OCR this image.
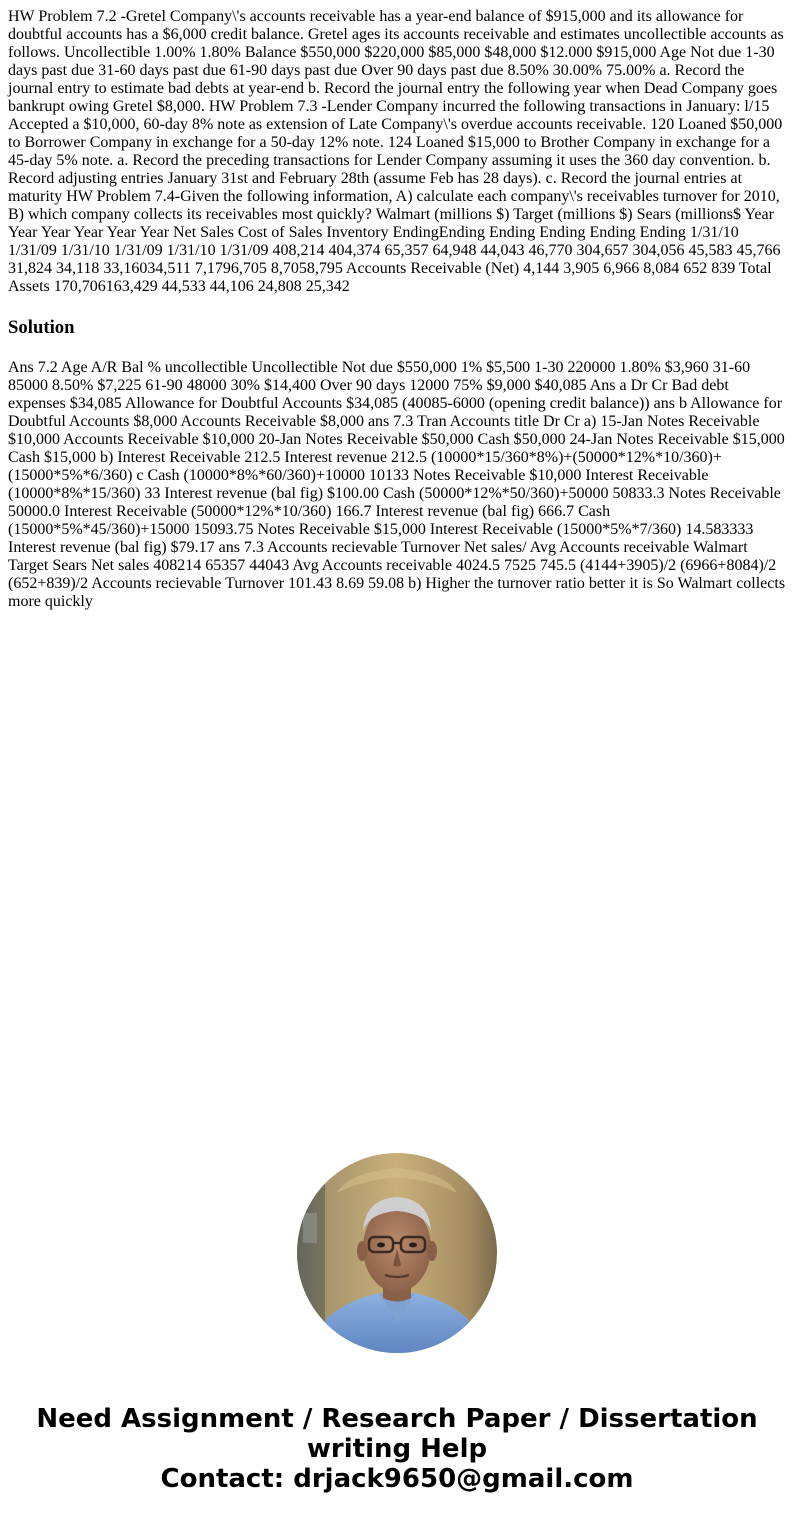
HW Problem 7.2 -Gretel Company\'s accounts receivable has a year-end balance of $915,000 and its allowance for doubtful accounts has a $6,000 credit balance. Gretel ages its accounts receivable and estimates uncollectible accounts as follows. Uncollectible 1.00% 1.80% Balance $550,000 $220,000 $85,000 $48,000 $12.000 $915,000 Age Not due 1-30 days past due 31-60 days past due 61-90 days past due Over 90 days past due 8.50% 30.00% 75.00% a. Record the journal entry to estimate bad debts at year-end b. Record the journal entry the following year when Dead Company goes bankrupt owing Gretel $8,000. HW Problem 7.3 -Lender Company incurred the following transactions in January: l/15 Accepted a $10,000, 60-day 8% note as extension of Late Company\'s overdue accounts receivable. 120 Loaned $50,000 to Borrower Company in exchange for a 50-day 12% note. 124 Loaned $15,000 to Brother Company in exchange for a 45-day 5% note. a. Record the preceding transactions for Lender Company assuming it uses the 360 day convention. b. Record adjusting entries January 31st and February 28th (assume Feb has 28 days). c. Record the journal entries at maturity HW Problem 7.4-Given the following information, A) calculate each company\'s receivables turnover for 2010, B) which company collects its receivables most quickly? Walmart (millions $) Target (millions $) Sears (millions$ Year Year Year Year Year Year Net Sales Cost of Sales Inventory EndingEnding Ending Ending Ending Ending 1/31/10 1/31/09 1/31/10 1/31/09 1/31/10 1/31/09 408,214 404,374 65,357 64,948 44,043 46,770 304,657 304,056 45,583 45,766 31,824 34,118 33,16034,511 7,1796,705 8,7058,795 Accounts Receivable (Net) 4,144 3,905 6,966 8,084 652 839 Total Assets 170,706163,429 44,533 44,106 24,808 25,342

Solution

Ans 7.2 Age A/R Bal % uncollectible Uncollectible Not due $550,000 1% $5,500 1-30 220000 1.80% $3,960 31-60 85000 8.50% $7,225 61-90 48000 30% $14,400 Over 90 days 12000 75% $9,000 $40,085 Ans a Dr Cr Bad debt expenses $34,085 Allowance for Doubtful Accounts $34,085 (40085-6000 (opening credit balance)) ans b Allowance for Doubtful Accounts $8,000 Accounts Receivable $8,000 ans 7.3 Tran Accounts title Dr Cr a) 15-Jan Notes Receivable $10,000 Accounts Receivable $10,000 20-Jan Notes Receivable $50,000 Cash $50,000 24-Jan Notes Receivable $15,000 Cash $15,000 b) Interest Receivable 212.5 Interest revenue 212.5 (10000*15/360*8%)+(50000*12%*10/360)+(15000*5%*6/360) c Cash (10000*8%*60/360)+10000 10133 Notes Receivable $10,000 Interest Receivable (10000*8%*15/360) 33 Interest revenue (bal fig) $100.00 Cash (50000*12%*50/360)+50000 50833.3 Notes Receivable 50000.0 Interest Receivable (50000*12%*10/360) 166.7 Interest revenue (bal fig) 666.7 Cash (15000*5%*45/360)+15000 15093.75 Notes Receivable $15,000 Interest Receivable (15000*5%*7/360) 14.583333 Interest revenue (bal fig) $79.17 ans 7.3 Accounts recievable Turnover Net sales/ Avg Accounts receivable Walmart Target Sears Net sales 408214 65357 44043 Avg Accounts receivable 4024.5 7525 745.5 (4144+3905)/2 (6966+8084)/2 (652+839)/2 Accounts recievable Turnover 101.43 8.69 59.08 b) Higher the turnover ratio better it is So Walmart collects more quickly

Need Assignment / Research Paper / Dissertation
writing Help
Contact: drjack9650@gmail.com
